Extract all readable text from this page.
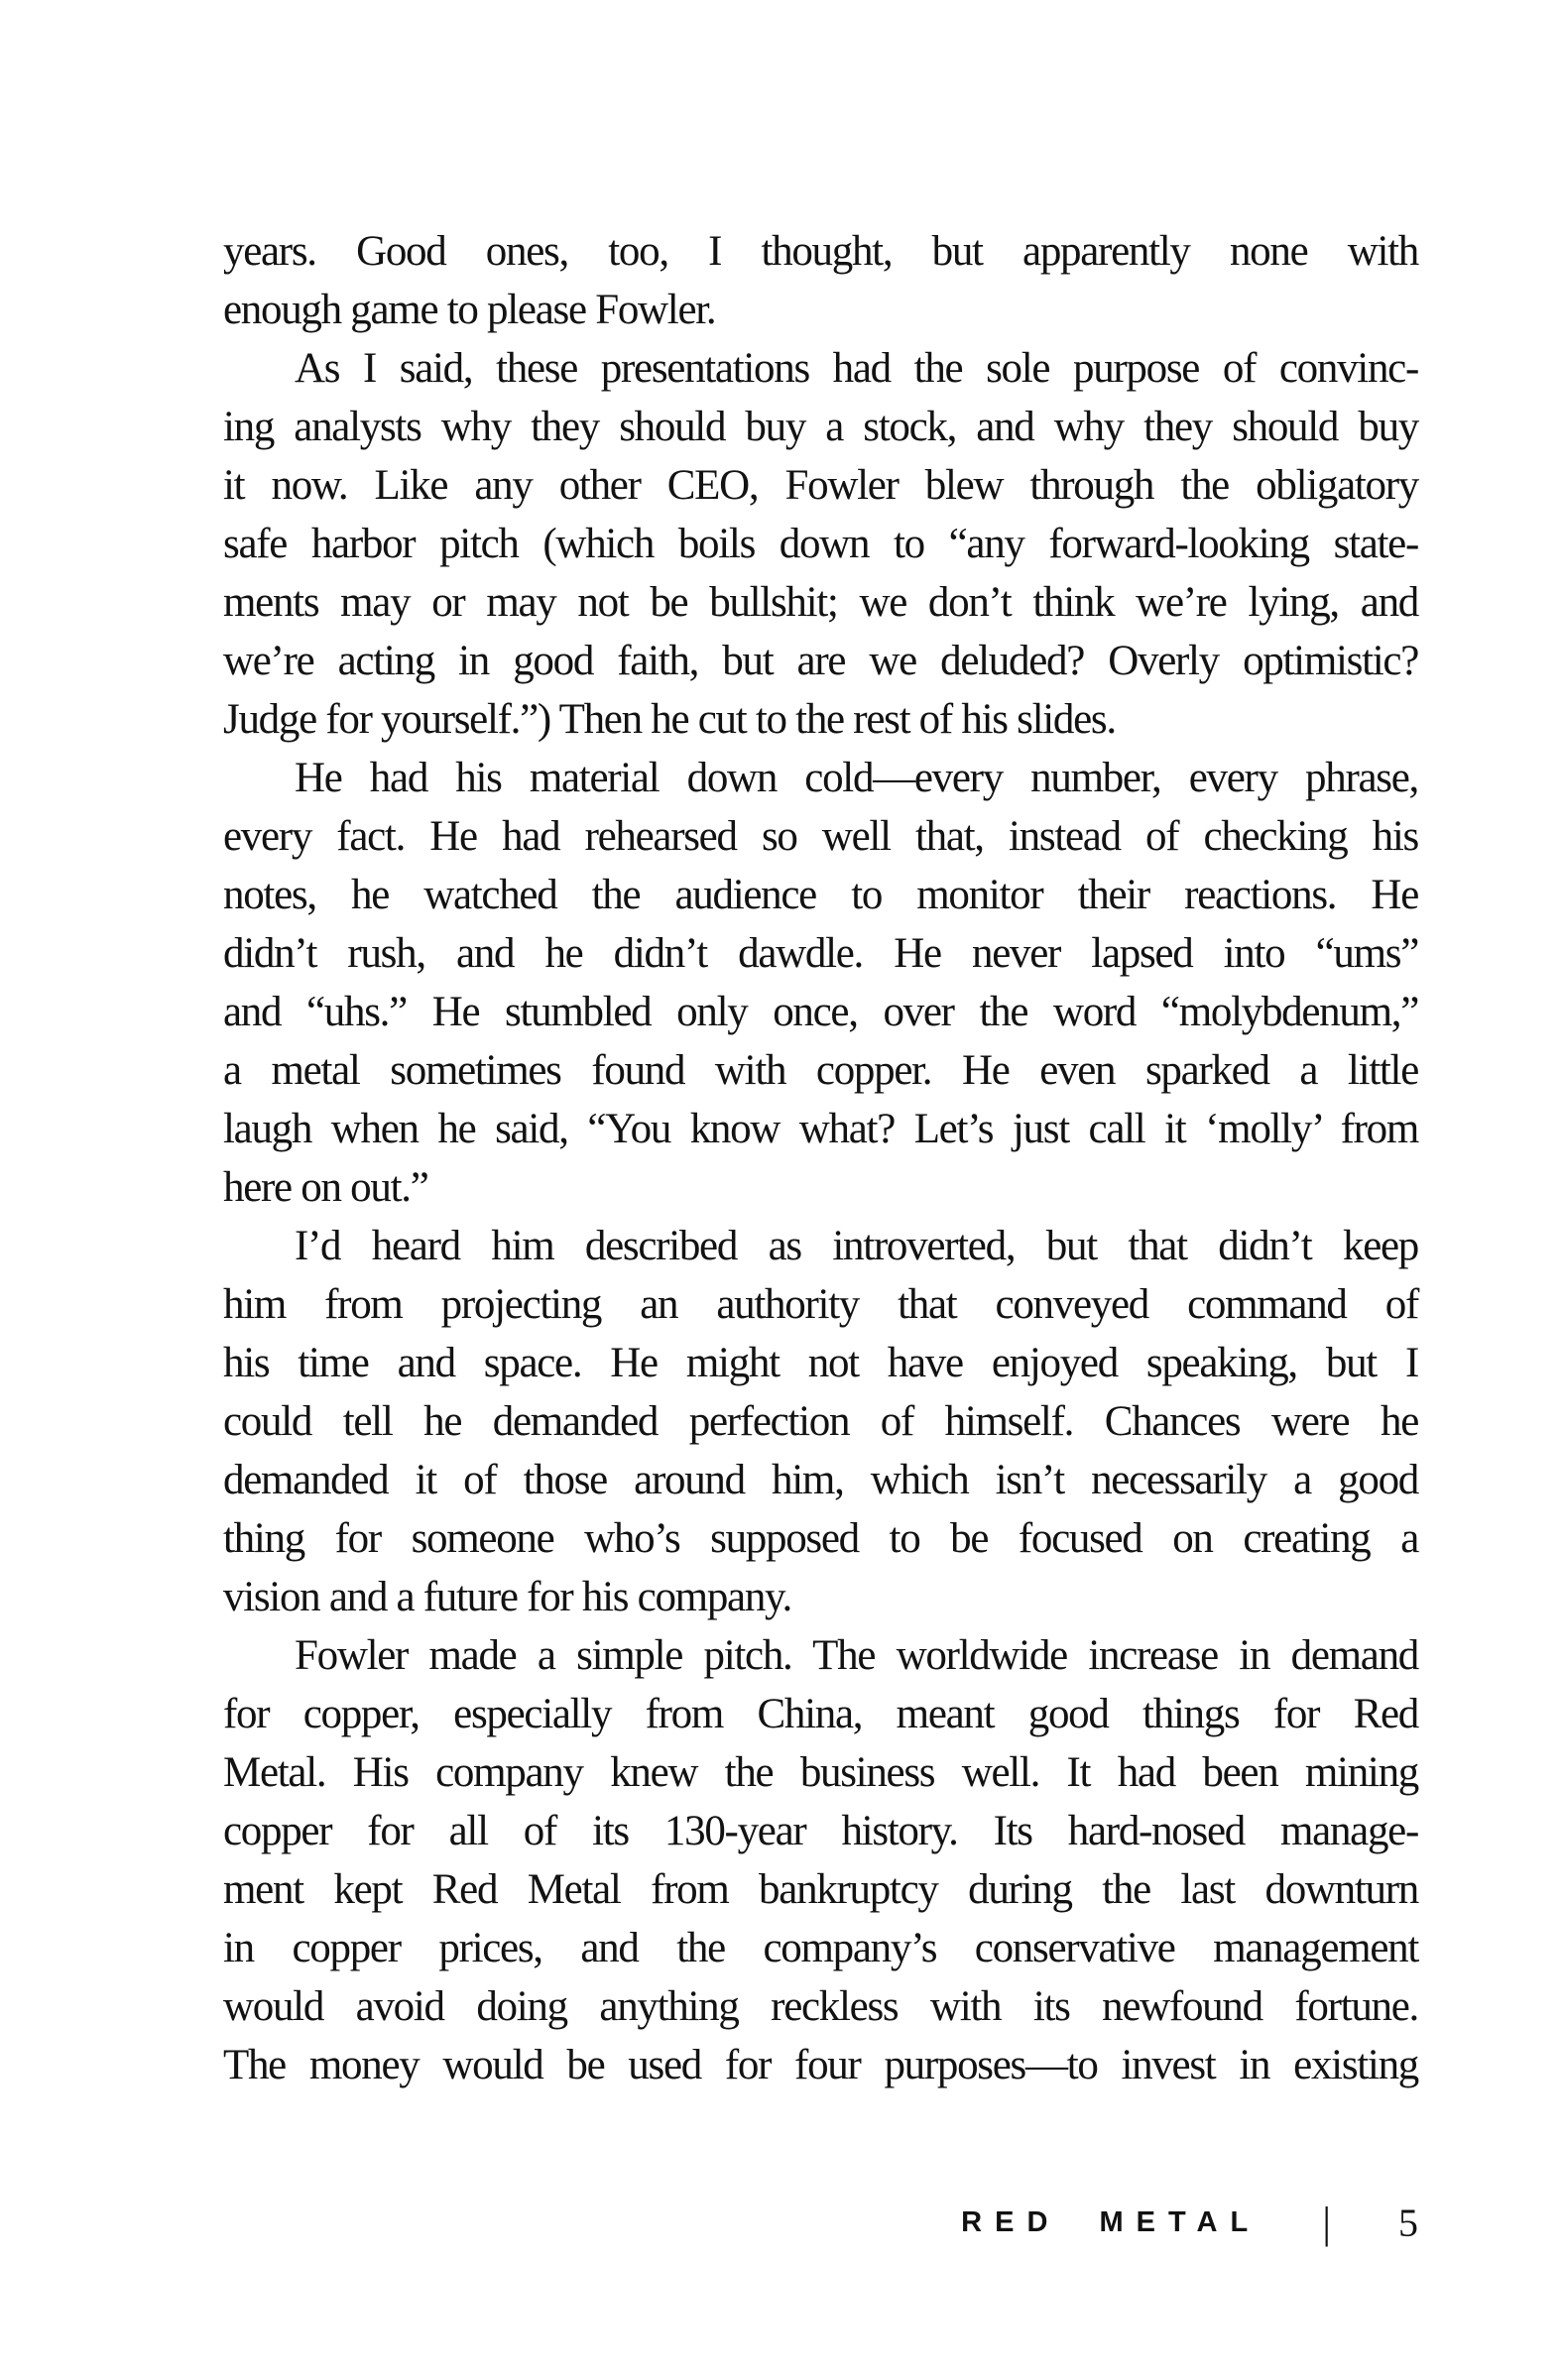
years. Good ones, too, I thought, but apparently none with
enough game to please Fowler.
As I said, these presentations had the sole purpose of convinc-
ing analysts why they should buy a stock, and why they should buy
it now. Like any other CEO, Fowler blew through the obligatory
safe harbor pitch (which boils down to “any forward-looking state-
ments may or may not be bullshit; we don’t think we’re lying, and
we’re acting in good faith, but are we deluded? Overly optimistic?
Judge for yourself.”) Then he cut to the rest of his slides.
He had his material down cold—every number, every phrase,
every fact. He had rehearsed so well that, instead of checking his
notes, he watched the audience to monitor their reactions. He
didn’t rush, and he didn’t dawdle. He never lapsed into “ums”
and “uhs.” He stumbled only once, over the word “molybdenum,”
a metal sometimes found with copper. He even sparked a little
laugh when he said, “You know what? Let’s just call it ‘molly’ from
here on out.”
I’d heard him described as introverted, but that didn’t keep
him from projecting an authority that conveyed command of
his time and space. He might not have enjoyed speaking, but I
could tell he demanded perfection of himself. Chances were he
demanded it of those around him, which isn’t necessarily a good
thing for someone who’s supposed to be focused on creating a
vision and a future for his company.
Fowler made a simple pitch. The worldwide increase in demand
for copper, especially from China, meant good things for Red
Metal. His company knew the business well. It had been mining
copper for all of its 130-year history. Its hard-nosed manage-
ment kept Red Metal from bankruptcy during the last downturn
in copper prices, and the company’s conservative management
would avoid doing anything reckless with its newfound fortune.
The money would be used for four purposes—to invest in existing
RED METAL | 5
